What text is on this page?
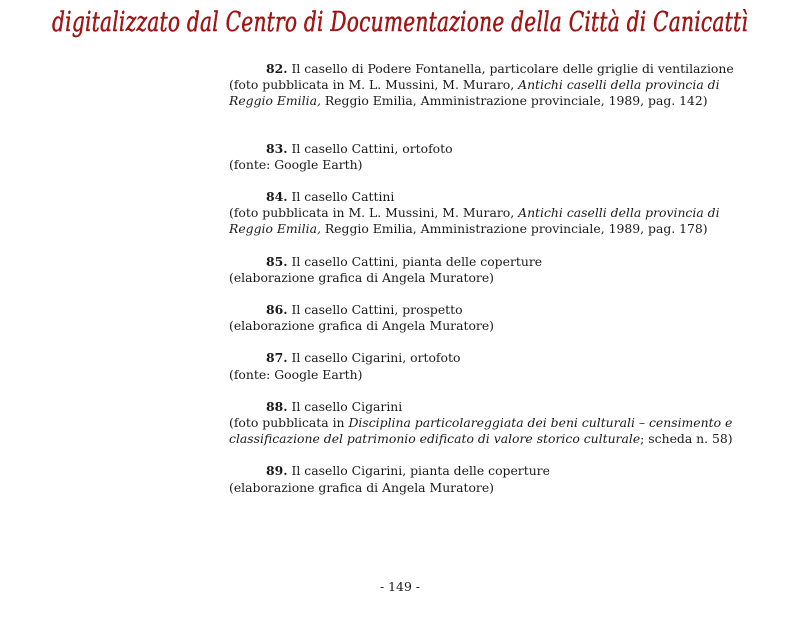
digitalizzato dal Centro di Documentazione della Città di Canicattì

82. Il casello di Podere Fontanella, particolare delle griglie di ventilazione
(foto pubblicata in M. L. Mussini, M. Muraro, Antichi caselli della provincia di Reggio Emilia, Reggio Emilia, Amministrazione provinciale, 1989, pag. 142)

83. Il casello Cattini, ortofoto
(fonte: Google Earth)

84. Il casello Cattini
(foto pubblicata in M. L. Mussini, M. Muraro, Antichi caselli della provincia di Reggio Emilia, Reggio Emilia, Amministrazione provinciale, 1989, pag. 178)

85. Il casello Cattini, pianta delle coperture
(elaborazione grafica di Angela Muratore)

86. Il casello Cattini, prospetto
(elaborazione grafica di Angela Muratore)

87. Il casello Cigarini, ortofoto
(fonte: Google Earth)

88. Il casello Cigarini
(foto pubblicata in Disciplina particolareggiata dei beni culturali – censimento e classificazione del patrimonio edificato di valore storico culturale; scheda n. 58)

89. Il casello Cigarini, pianta delle coperture
(elaborazione grafica di Angela Muratore)

- 149 -
